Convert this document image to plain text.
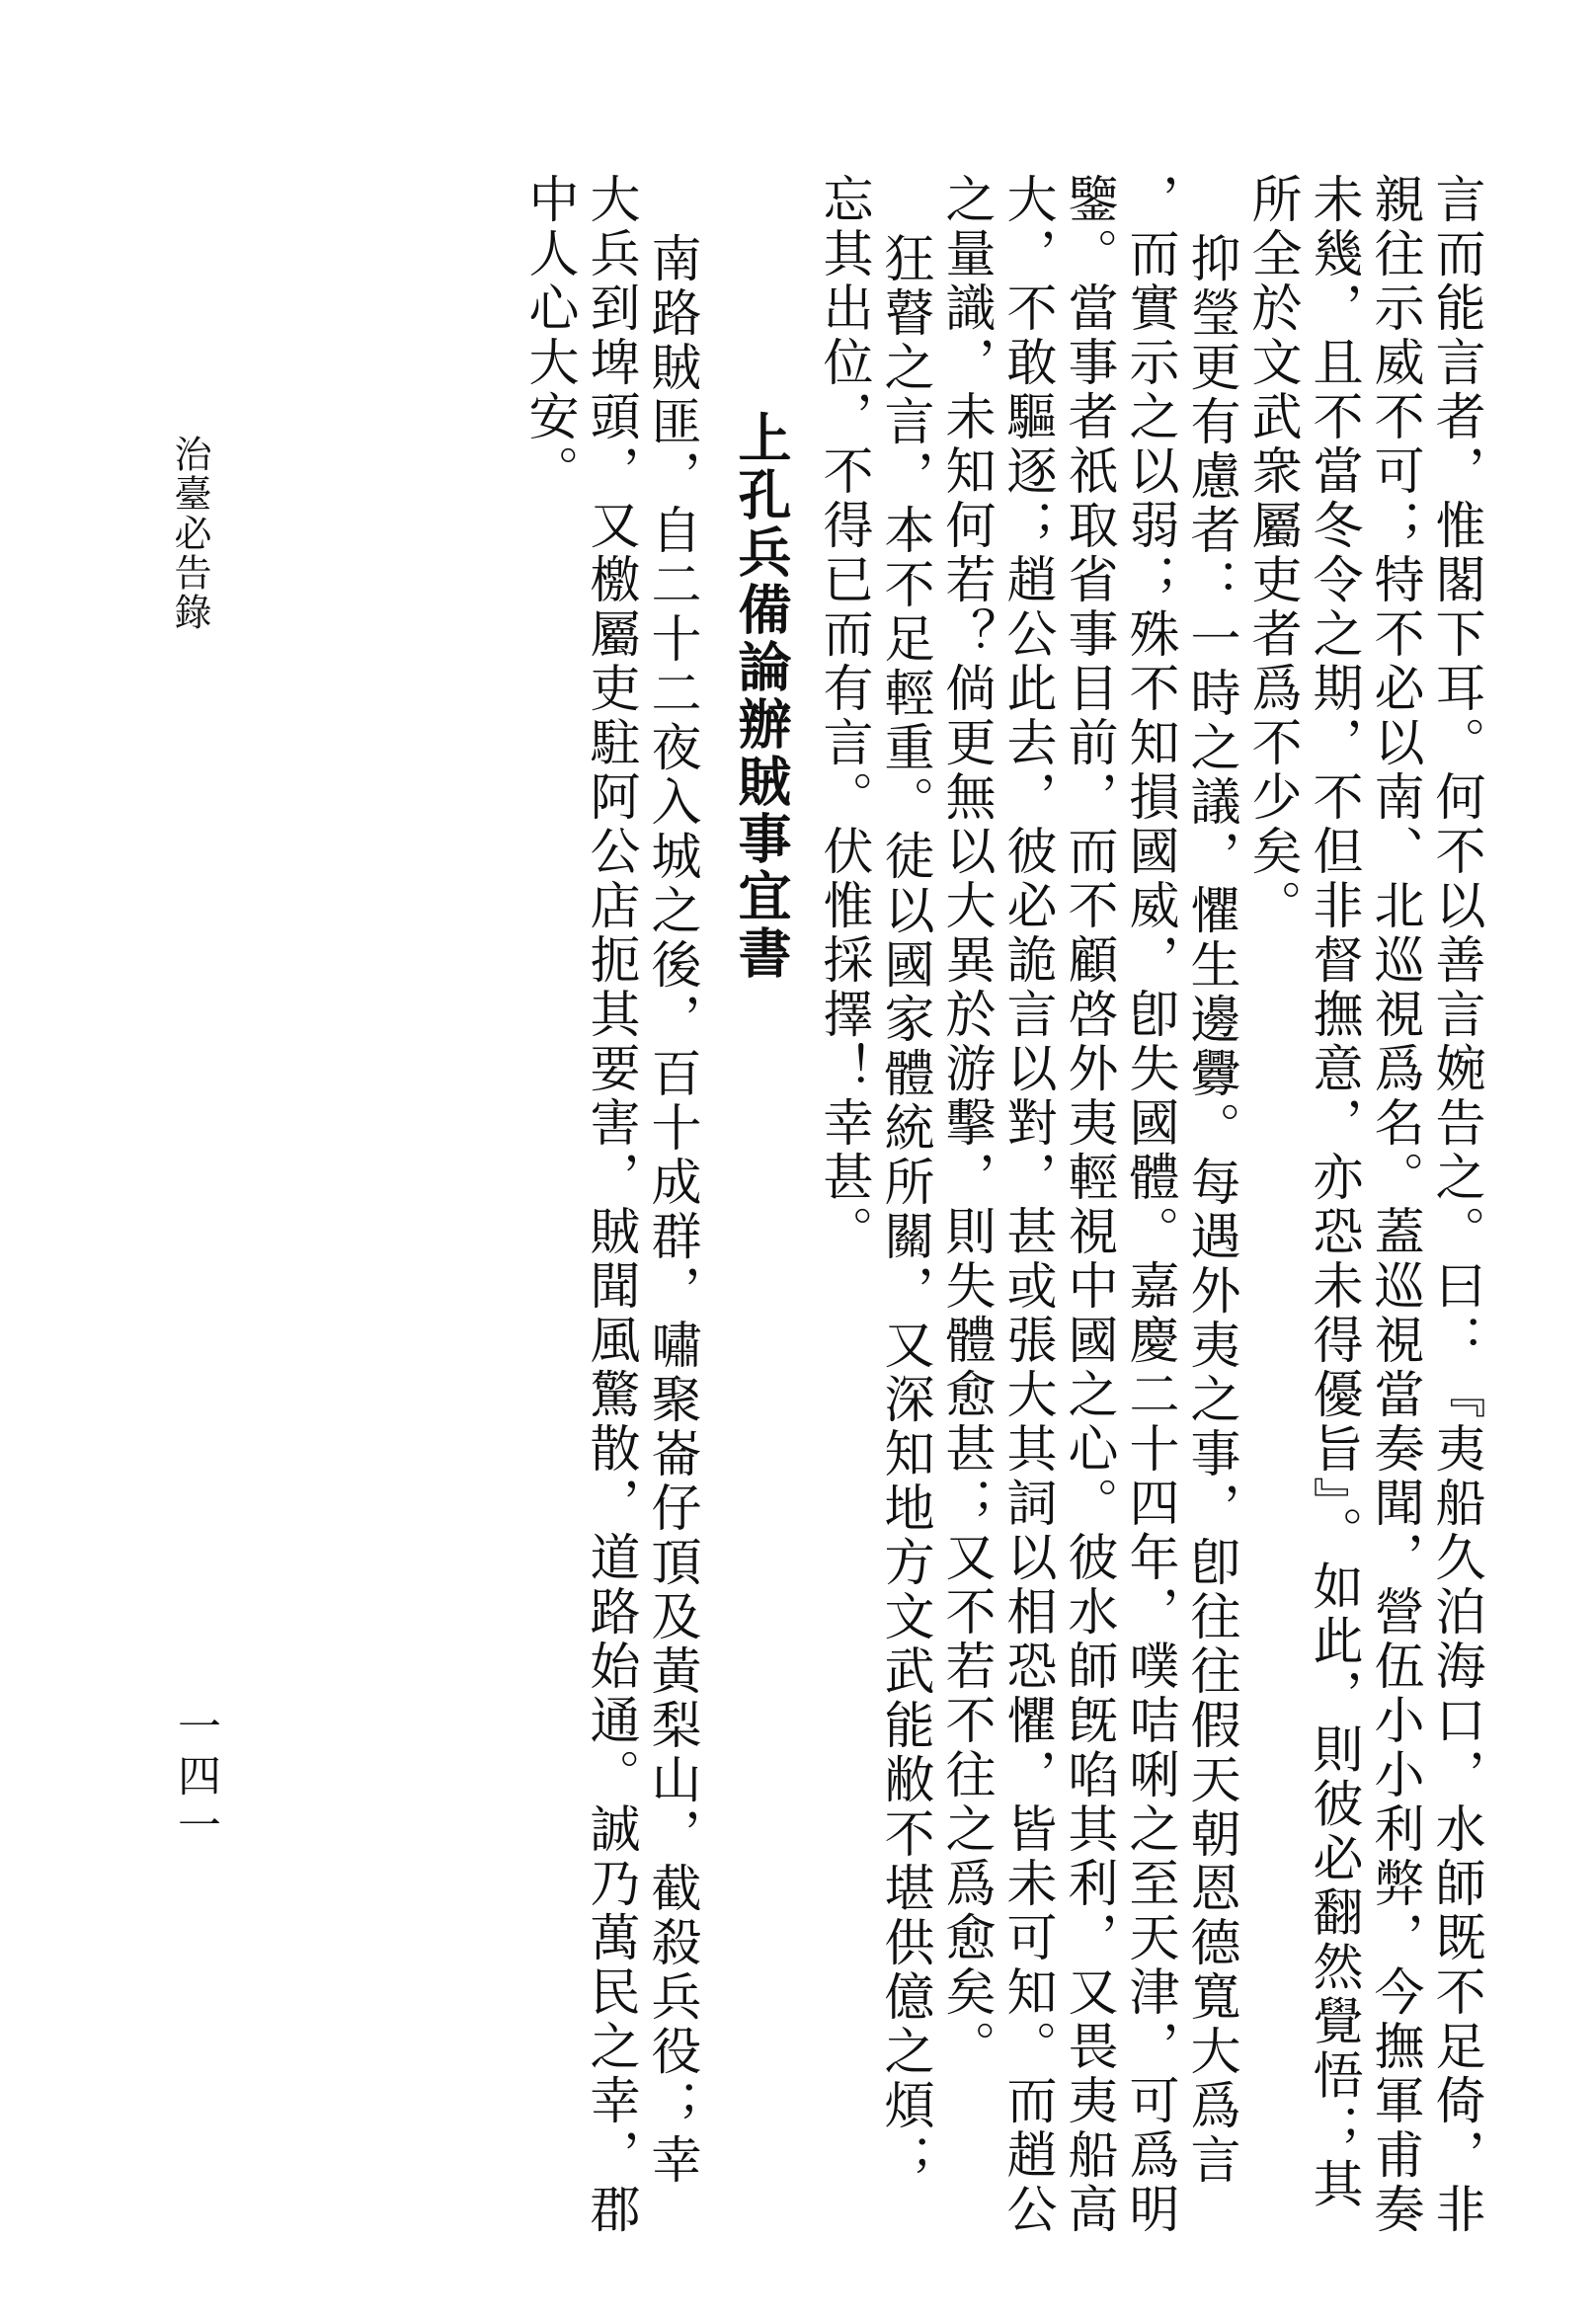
言而能言者，惟閣下耳。何不以善言婉告之。曰：『夷船久泊海口，水師既不足倚，非

親往示威不可；特不必以南、北巡視爲名。蓋巡視當奏聞，營伍小小利弊，今撫軍甫奏

未幾，且不當冬令之期，不但非督撫意，亦恐未得優旨』。如此，則彼必翻然覺悟；其

所全於文武衆屬吏者爲不少矣。

抑瑩更有慮者：一時之議，懼生邊釁。每遇外夷之事，卽往往假天朝恩德寬大爲言

，而實示之以弱；殊不知損國威，卽失國體。嘉慶二十四年，噗咭唎之至天津，可爲明

鑒。當事者祇取省事目前，而不顧啓外夷輕視中國之心。彼水師旣啗其利，又畏夷船高

大，不敢驅逐；趙公此去，彼必詭言以對，甚或張大其詞以相恐懼，皆未可知。而趙公

之量識，未知何若？倘更無以大異於游擊，則失體愈甚；又不若不往之爲愈矣。

狂瞽之言，本不足輕重。徒以國家體統所關，又深知地方文武能敝不堪供億之煩；

忘其出位，不得已而有言。伏惟採擇！幸甚。

上孔兵備論辦賊事宜書

南路賊匪，自二十二夜入城之後，百十成群，嘯聚崙仔頂及黃梨山，截殺兵役；幸

大兵到埤頭，又檄屬吏駐阿公店扼其要害，賊聞風驚散，道路始通。誠乃萬民之幸，郡

中人心大安。

治臺必告錄
一四一
